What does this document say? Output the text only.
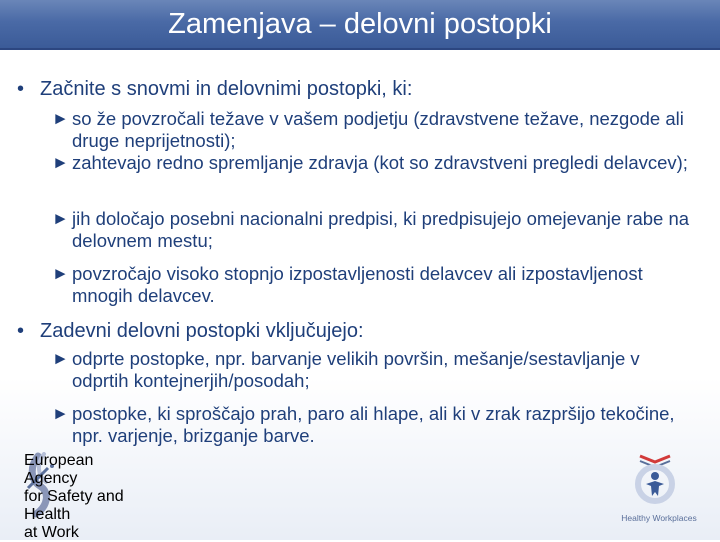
Zamenjava – delovni postopki
• Začnite s snovmi in delovnimi postopki, ki:
► so že povzročali težave v vašem podjetju (zdravstvene težave, nezgode ali druge neprijetnosti);
► zahtevajo redno spremljanje zdravja (kot so zdravstveni pregledi delavcev);
► jih določajo posebni nacionalni predpisi, ki predpisujejo omejevanje rabe na delovnem mestu;
► povzročajo visoko stopnjo izpostavljenosti delavcev ali izpostavljenost mnogih delavcev.
• Zadevni delovni postopki vključujejo:
► odprte postopke, npr. barvanje velikih površin, mešanje/sestavljanje v odprtih kontejnerjih/posodah;
► postopke, ki sproščajo prah, paro ali hlape, ali ki v zrak razpršijo tekočine, npr. varjenje, brizganje barve.
European Agency
for Safety and Health
at Work
Healthy Workplaces
